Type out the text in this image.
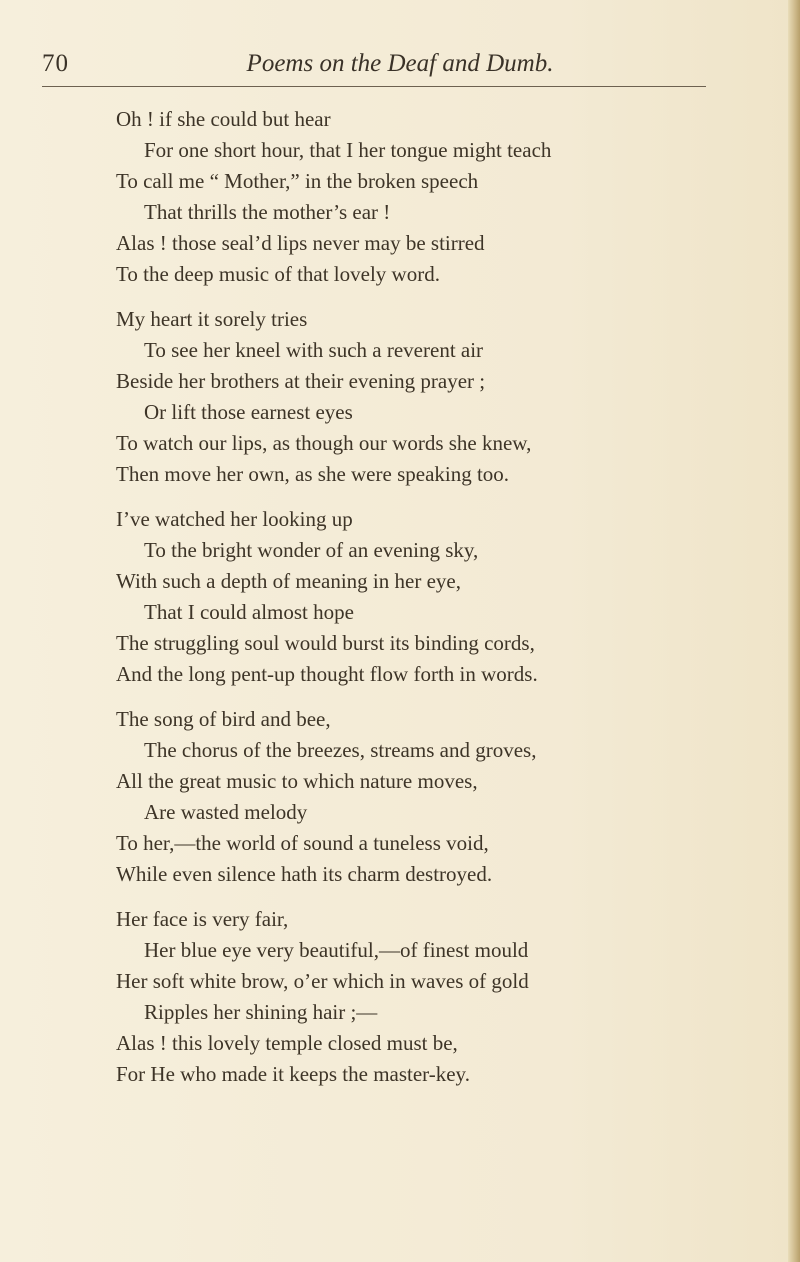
70	Poems on the Deaf and Dumb.
Oh ! if she could but hear
For one short hour, that I her tongue might teach
To call me “ Mother,” in the broken speech
That thrills the mother’s ear !
Alas ! those seal’d lips never may be stirred
To the deep music of that lovely word.
My heart it sorely tries
To see her kneel with such a reverent air
Beside her brothers at their evening prayer ;
Or lift those earnest eyes
To watch our lips, as though our words she knew,
Then move her own, as she were speaking too.
I’ve watched her looking up
To the bright wonder of an evening sky,
With such a depth of meaning in her eye,
That I could almost hope
The struggling soul would burst its binding cords,
And the long pent-up thought flow forth in words.
The song of bird and bee,
The chorus of the breezes, streams and groves,
All the great music to which nature moves,
Are wasted melody
To her,—the world of sound a tuneless void,
While even silence hath its charm destroyed.
Her face is very fair,
Her blue eye very beautiful,—of finest mould
Her soft white brow, o’er which in waves of gold
Ripples her shining hair ;—
Alas ! this lovely temple closed must be,
For He who made it keeps the master-key.
